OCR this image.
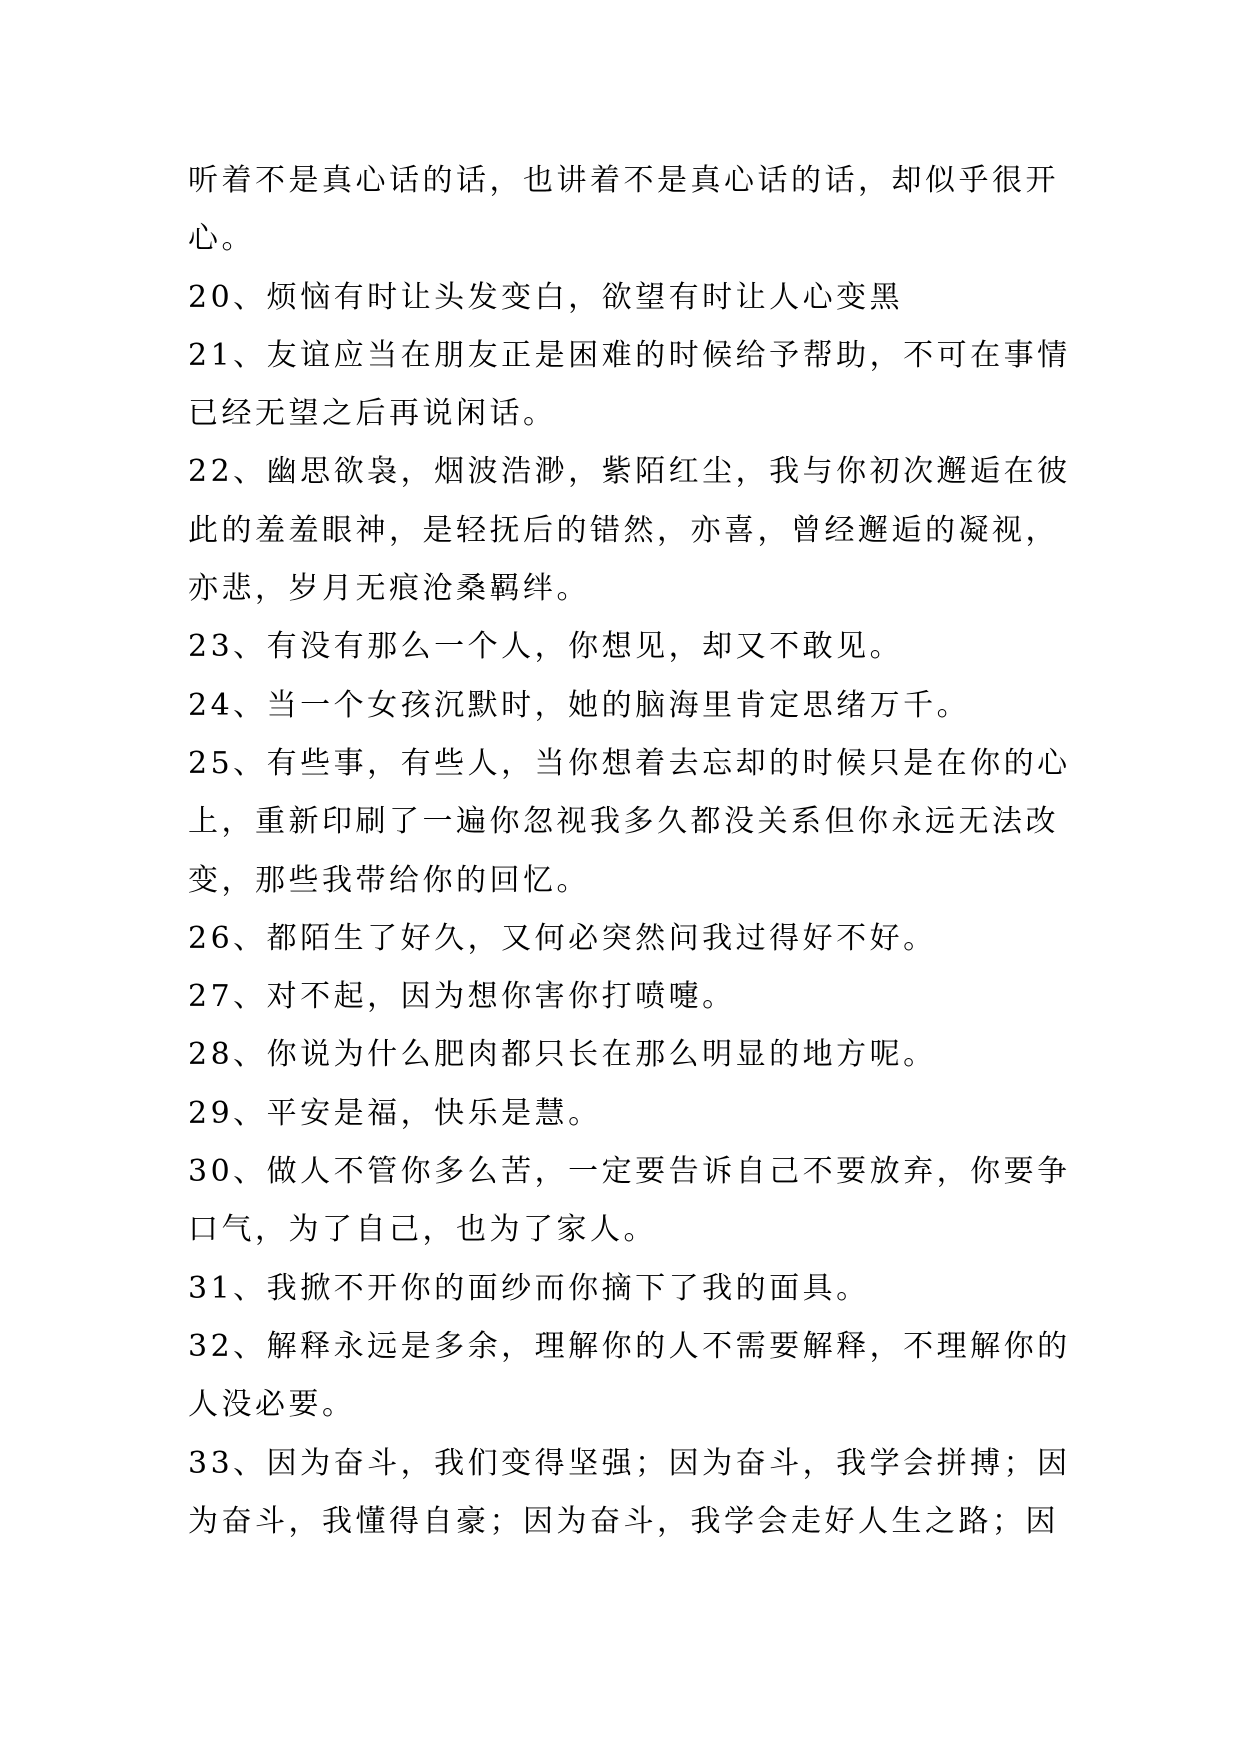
听着不是真心话的话，也讲着不是真心话的话，却似乎很开

心。

20、烦恼有时让头发变白，欲望有时让人心变黑

21、友谊应当在朋友正是困难的时候给予帮助，不可在事情

已经无望之后再说闲话。

22、幽思欲袅，烟波浩渺，紫陌红尘，我与你初次邂逅在彼

此的羞羞眼神，是轻抚后的错然，亦喜，曾经邂逅的凝视，

亦悲，岁月无痕沧桑羁绊。

23、有没有那么一个人，你想见，却又不敢见。

24、当一个女孩沉默时，她的脑海里肯定思绪万千。

25、有些事，有些人，当你想着去忘却的时候只是在你的心

上，重新印刷了一遍你忽视我多久都没关系但你永远无法改

变，那些我带给你的回忆。

26、都陌生了好久，又何必突然问我过得好不好。

27、对不起，因为想你害你打喷嚏。

28、你说为什么肥肉都只长在那么明显的地方呢。

29、平安是福，快乐是慧。

30、做人不管你多么苦，一定要告诉自己不要放弃，你要争

口气，为了自己，也为了家人。

31、我掀不开你的面纱而你摘下了我的面具。

32、解释永远是多余，理解你的人不需要解释，不理解你的

人没必要。

33、因为奋斗，我们变得坚强；因为奋斗，我学会拼搏；因

为奋斗，我懂得自豪；因为奋斗，我学会走好人生之路；因
